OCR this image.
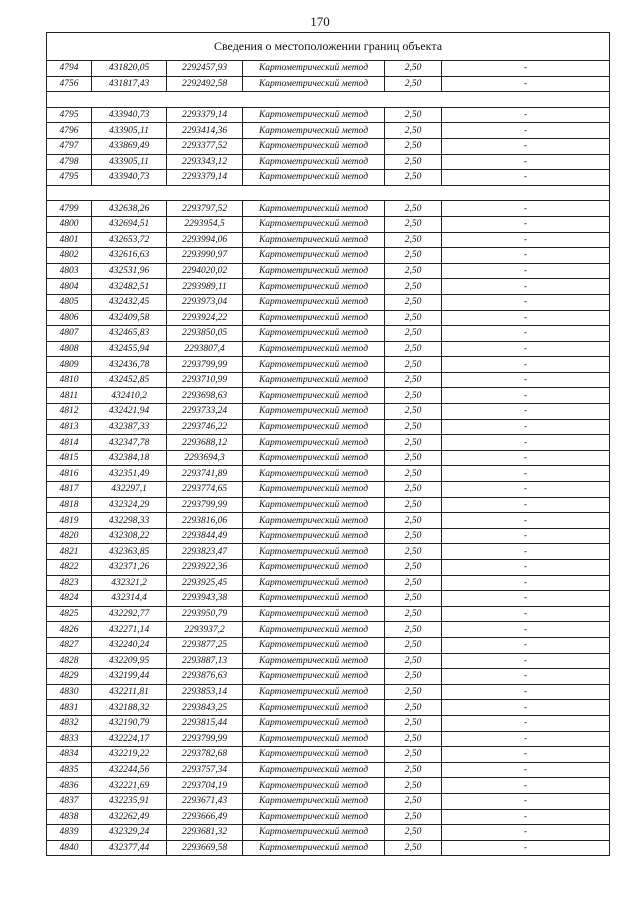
170
Сведения о местоположении границ объекта					
4794	431820,05	2292457,93	Картометрический метод	2,50	-
4756	431817,43	2292492,58	Картометрический метод	2,50	-

4795	433940,73	2293379,14	Картометрический метод	2,50	-
4796	433905,11	2293414,36	Картометрический метод	2,50	-
4797	433869,49	2293377,52	Картометрический метод	2,50	-
4798	433905,11	2293343,12	Картометрический метод	2,50	-
4795	433940,73	2293379,14	Картометрический метод	2,50	-

4799	432638,26	2293797,52	Картометрический метод	2,50	-
4800	432694,51	2293954,5	Картометрический метод	2,50	-
4801	432653,72	2293994,06	Картометрический метод	2,50	-
4802	432616,63	2293990,97	Картометрический метод	2,50	-
4803	432531,96	2294020,02	Картометрический метод	2,50	-
4804	432482,51	2293989,11	Картометрический метод	2,50	-
4805	432432,45	2293973,04	Картометрический метод	2,50	-
4806	432409,58	2293924,22	Картометрический метод	2,50	-
4807	432465,83	2293850,05	Картометрический метод	2,50	-
4808	432455,94	2293807,4	Картометрический метод	2,50	-
4809	432436,78	2293799,99	Картометрический метод	2,50	-
4810	432452,85	2293710,99	Картометрический метод	2,50	-
4811	432410,2	2293698,63	Картометрический метод	2,50	-
4812	432421,94	2293733,24	Картометрический метод	2,50	-
4813	432387,33	2293746,22	Картометрический метод	2,50	-
4814	432347,78	2293688,12	Картометрический метод	2,50	-
4815	432384,18	2293694,3	Картометрический метод	2,50	-
4816	432351,49	2293741,89	Картометрический метод	2,50	-
4817	432297,1	2293774,65	Картометрический метод	2,50	-
4818	432324,29	2293799,99	Картометрический метод	2,50	-
4819	432298,33	2293816,06	Картометрический метод	2,50	-
4820	432308,22	2293844,49	Картометрический метод	2,50	-
4821	432363,85	2293823,47	Картометрический метод	2,50	-
4822	432371,26	2293922,36	Картометрический метод	2,50	-
4823	432321,2	2293925,45	Картометрический метод	2,50	-
4824	432314,4	2293943,38	Картометрический метод	2,50	-
4825	432292,77	2293950,79	Картометрический метод	2,50	-
4826	432271,14	2293937,2	Картометрический метод	2,50	-
4827	432240,24	2293877,25	Картометрический метод	2,50	-
4828	432209,95	2293887,13	Картометрический метод	2,50	-
4829	432199,44	2293876,63	Картометрический метод	2,50	-
4830	432211,81	2293853,14	Картометрический метод	2,50	-
4831	432188,32	2293843,25	Картометрический метод	2,50	-
4832	432190,79	2293815,44	Картометрический метод	2,50	-
4833	432224,17	2293799,99	Картометрический метод	2,50	-
4834	432219,22	2293782,68	Картометрический метод	2,50	-
4835	432244,56	2293757,34	Картометрический метод	2,50	-
4836	432221,69	2293704,19	Картометрический метод	2,50	-
4837	432235,91	2293671,43	Картометрический метод	2,50	-
4838	432262,49	2293666,49	Картометрический метод	2,50	-
4839	432329,24	2293681,32	Картометрический метод	2,50	-
4840	432377,44	2293669,58	Картометрический метод	2,50	-
